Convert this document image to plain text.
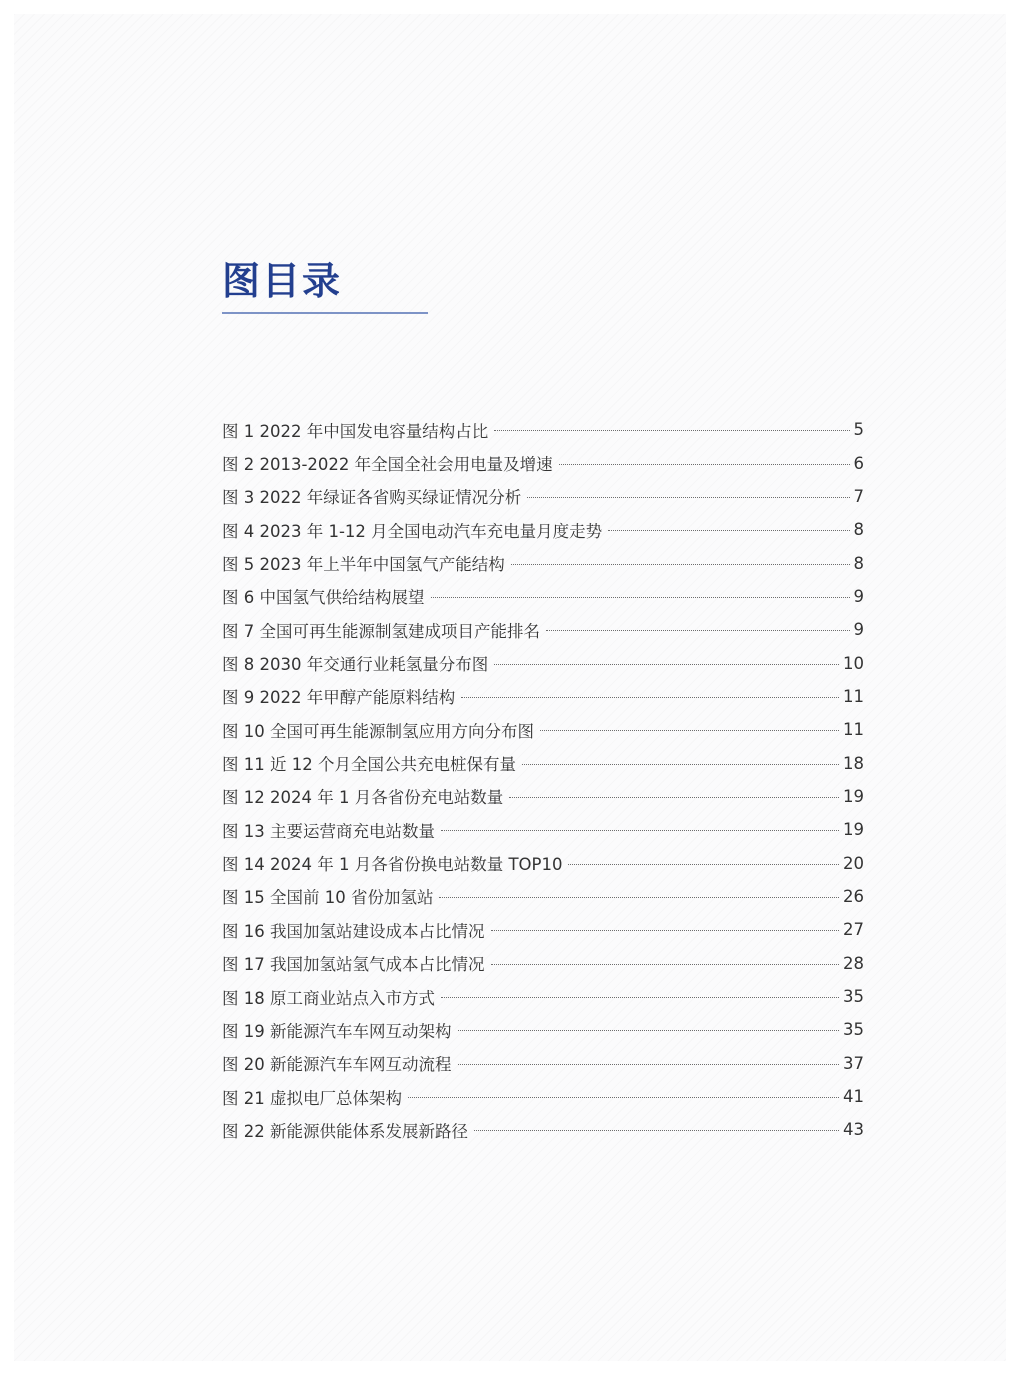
图目录
图 1 2022 年中国发电容量结构占比	5
图 2 2013-2022 年全国全社会用电量及增速	6
图 3 2022 年绿证各省购买绿证情况分析	7
图 4 2023 年 1-12 月全国电动汽车充电量月度走势	8
图 5 2023 年上半年中国氢气产能结构	8
图 6 中国氢气供给结构展望	9
图 7 全国可再生能源制氢建成项目产能排名	9
图 8 2030 年交通行业耗氢量分布图	10
图 9 2022 年甲醇产能原料结构	11
图 10 全国可再生能源制氢应用方向分布图	11
图 11 近 12 个月全国公共充电桩保有量	18
图 12 2024 年 1 月各省份充电站数量	19
图 13 主要运营商充电站数量	19
图 14 2024 年 1 月各省份换电站数量 TOP10	20
图 15 全国前 10 省份加氢站	26
图 16 我国加氢站建设成本占比情况	27
图 17 我国加氢站氢气成本占比情况	28
图 18 原工商业站点入市方式	35
图 19 新能源汽车车网互动架构	35
图 20 新能源汽车车网互动流程	37
图 21 虚拟电厂总体架构	41
图 22 新能源供能体系发展新路径	43
